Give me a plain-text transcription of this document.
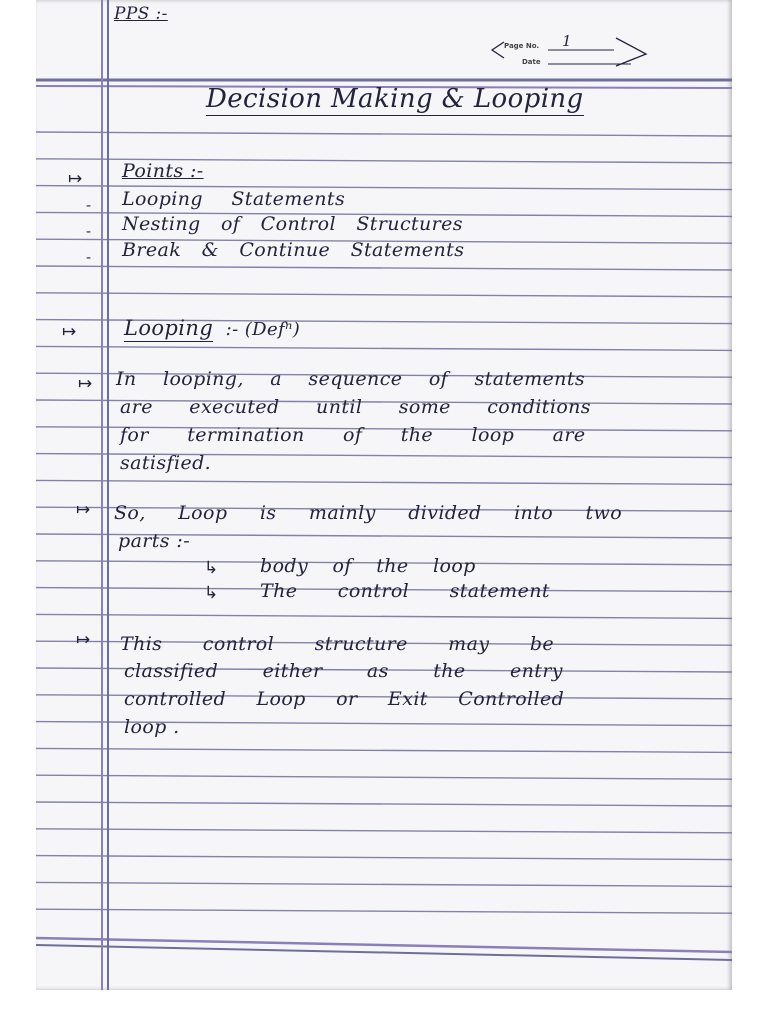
PPS :-
Page No. 1
Date
Decision Making & Looping
↦ Points :-
- Looping Statements
- Nesting of Control Structures
- Break & Continue Statements
↦ Looping :- (Defⁿ)
↦ In looping, a sequence of statements
are executed until some conditions
for termination of the loop are
satisfied.
↦ So, Loop is mainly divided into two
parts :-
↳ body of the loop
↳ The control statement
↦ This control structure may be
classified either as the entry
controlled Loop or Exit Controlled
loop .
